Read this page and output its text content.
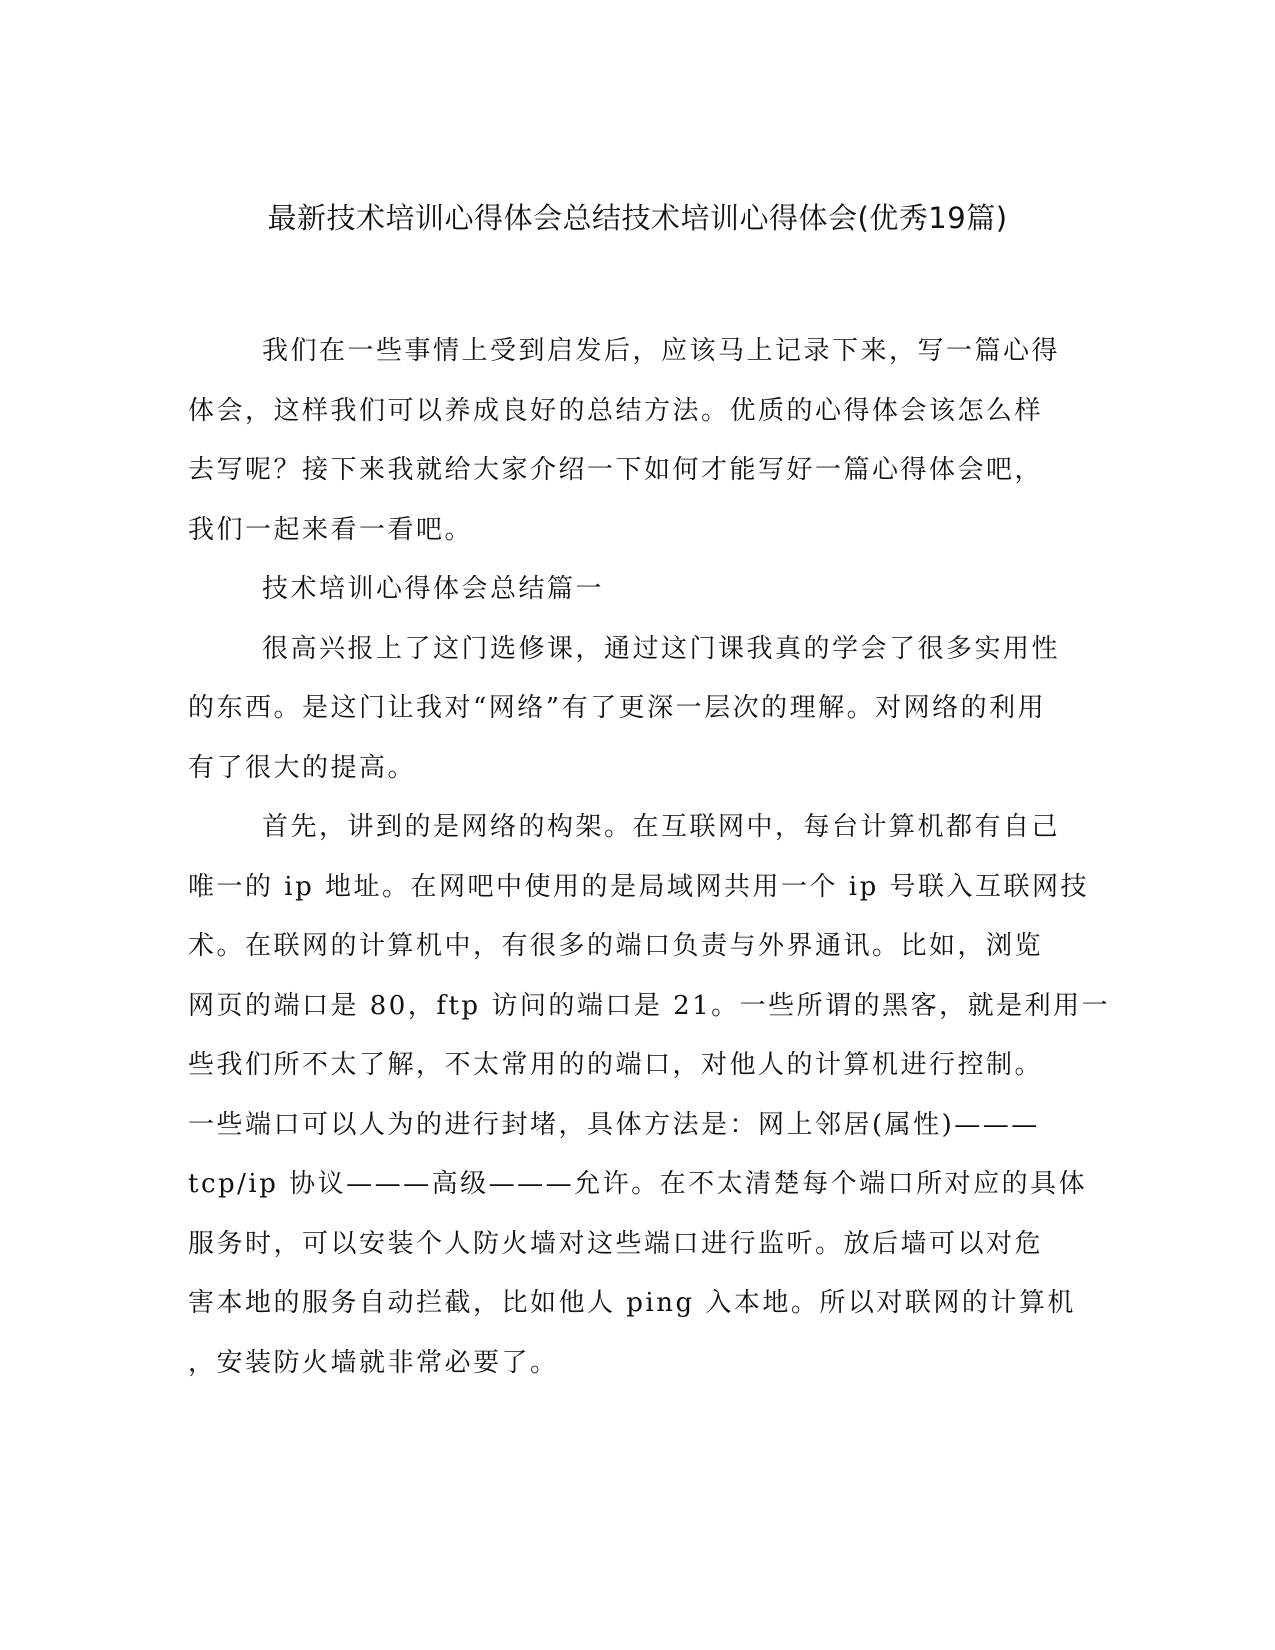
最新技术培训心得体会总结技术培训心得体会(优秀19篇)

我们在一些事情上受到启发后，应该马上记录下来，写一篇心得
体会，这样我们可以养成良好的总结方法。优质的心得体会该怎么样
去写呢？接下来我就给大家介绍一下如何才能写好一篇心得体会吧，
我们一起来看一看吧。

技术培训心得体会总结篇一

很高兴报上了这门选修课，通过这门课我真的学会了很多实用性
的东西。是这门让我对“网络”有了更深一层次的理解。对网络的利用
有了很大的提高。

首先，讲到的是网络的构架。在互联网中，每台计算机都有自己
唯一的 ip 地址。在网吧中使用的是局域网共用一个 ip 号联入互联网技
术。在联网的计算机中，有很多的端口负责与外界通讯。比如，浏览
网页的端口是 80，ftp 访问的端口是 21。一些所谓的黑客，就是利用一
些我们所不太了解，不太常用的的端口，对他人的计算机进行控制。
一些端口可以人为的进行封堵，具体方法是：网上邻居(属性)———
tcp/ip 协议———高级———允许。在不太清楚每个端口所对应的具体
服务时，可以安装个人防火墙对这些端口进行监听。放后墙可以对危
害本地的服务自动拦截，比如他人 ping 入本地。所以对联网的计算机
，安装防火墙就非常必要了。
